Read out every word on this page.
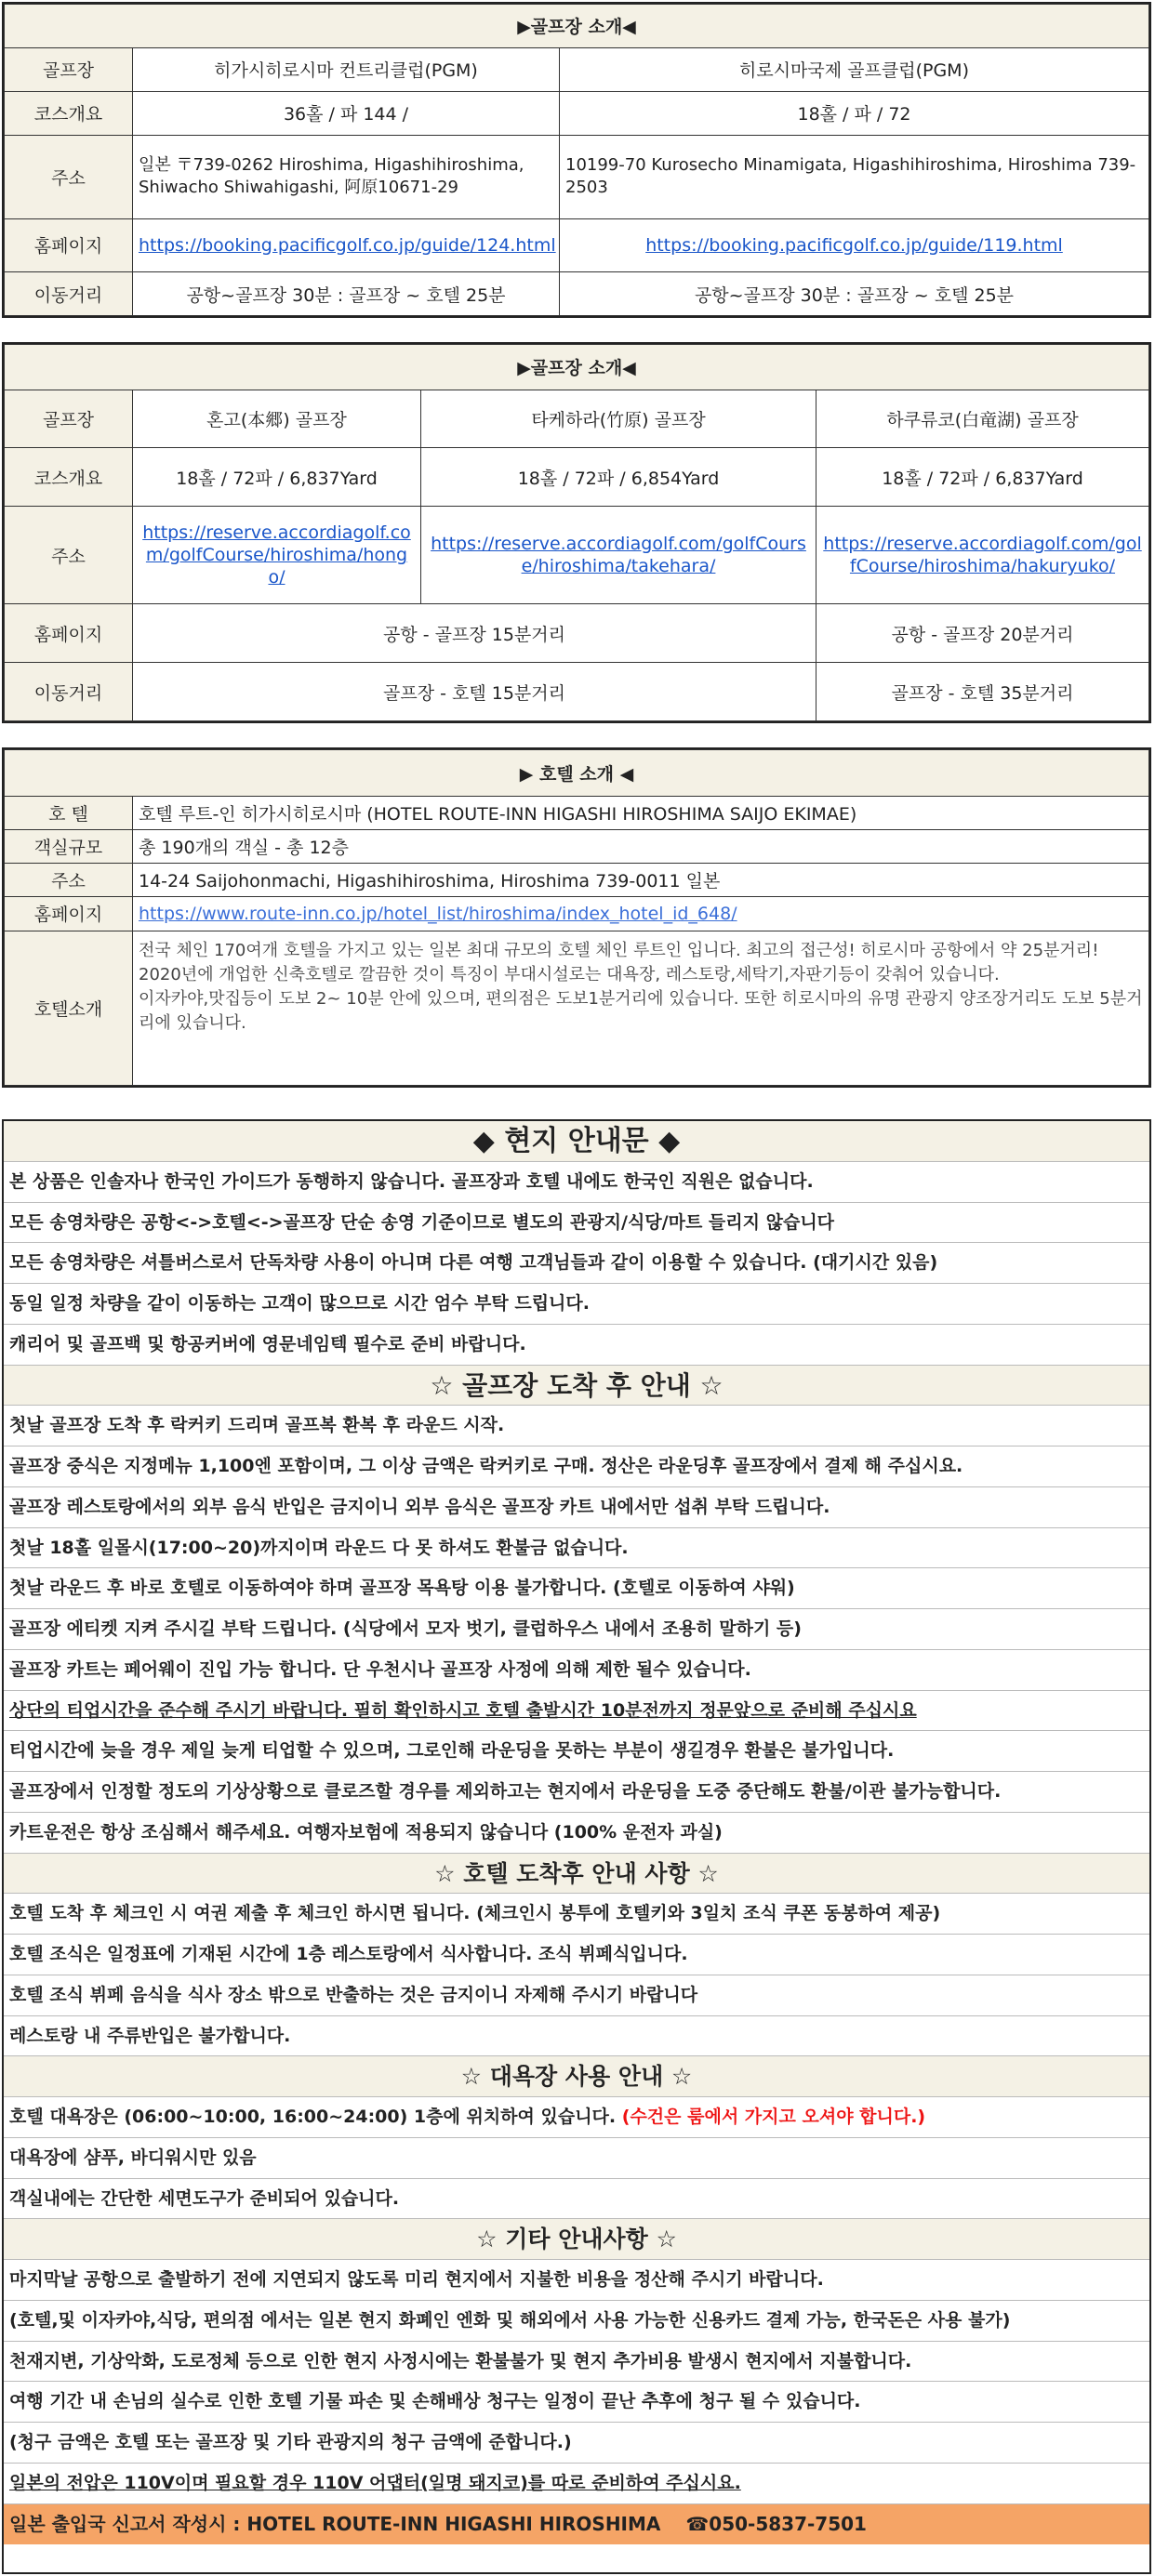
▶골프장 소개◀		
골프장	히가시히로시마 컨트리클럽(PGM)	히로시마국제 골프클럽(PGM)
코스개요	36홀 / 파 144 /	18홀 / 파 / 72
주소	일본 〒739-0262 Hiroshima, Higashihiroshima, Shiwacho Shiwahigashi, 阿原10671-29	10199-70 Kurosecho Minamigata, Higashihiroshima, Hiroshima 739-2503
홈페이지	https://booking.pacificgolf.co.jp/guide/124.html	https://booking.pacificgolf.co.jp/guide/119.html
이동거리	공항~골프장 30분 : 골프장 ~ 호텔 25분	공항~골프장 30분 : 골프장 ~ 호텔 25분
▶골프장 소개◀			
골프장	혼고(本郷) 골프장	타케하라(竹原) 골프장	하쿠류코(白竜湖) 골프장
코스개요	18홀 / 72파 / 6,837Yard	18홀 / 72파 / 6,854Yard	18홀 / 72파 / 6,837Yard
주소	https://reserve.accordiagolf.com/golfCourse/hiroshima/hongo/	https://reserve.accordiagolf.com/golfCourse/hiroshima/takehara/	https://reserve.accordiagolf.com/golfCourse/hiroshima/hakuryuko/
홈페이지	공항 - 골프장 15분거리		공항 - 골프장 20분거리
이동거리	골프장 - 호텔 15분거리		골프장 - 호텔 35분거리
▶ 호텔 소개 ◀	
호 텔	호텔 루트-인 히가시히로시마 (HOTEL ROUTE-INN HIGASHI HIROSHIMA SAIJO EKIMAE)
객실규모	총 190개의 객실 - 총 12층
주소	14-24 Saijohonmachi, Higashihiroshima, Hiroshima 739-0011 일본
홈페이지	https://www.route-inn.co.jp/hotel_list/hiroshima/index_hotel_id_648/
호텔소개	전국 체인 170여개 호텔을 가지고 있는 일본 최대 규모의 호텔 체인 루트인 입니다. 최고의 접근성! 히로시마 공항에서 약 25분거리! 2020년에 개업한 신축호텔로 깔끔한 것이 특징이 부대시설로는 대욕장, 레스토랑,세탁기,자판기등이 갖춰어 있습니다.
이자카야,맛집등이 도보 2~ 10분 안에 있으며, 편의점은 도보1분거리에 있습니다. 또한 히로시마의 유명 관광지 양조장거리도 도보 5분거리에 있습니다.
◆ 현지 안내문 ◆
본 상품은 인솔자나 한국인 가이드가 동행하지 않습니다. 골프장과 호텔 내에도 한국인 직원은 없습니다.
모든 송영차량은 공항<->호텔<->골프장 단순 송영 기준이므로 별도의 관광지/식당/마트 들리지 않습니다
모든 송영차량은 셔틀버스로서 단독차량 사용이 아니며 다른 여행 고객님들과 같이 이용할 수 있습니다. (대기시간 있음)
동일 일정 차량을 같이 이동하는 고객이 많으므로 시간 엄수 부탁 드립니다.
캐리어 및 골프백 및 항공커버에 영문네임텍 필수로 준비 바랍니다.
☆ 골프장 도착 후 안내 ☆
첫날 골프장 도착 후 락커키 드리며 골프복 환복 후 라운드 시작.
골프장 중식은 지정메뉴 1,100엔 포함이며, 그 이상 금액은 락커키로 구매. 정산은 라운딩후 골프장에서 결제 해 주십시요.
골프장 레스토랑에서의 외부 음식 반입은 금지이니 외부 음식은 골프장 카트 내에서만 섭취 부탁 드립니다.
첫날 18홀 일몰시(17:00~20)까지이며 라운드 다 못 하셔도 환불금 없습니다.
첫날 라운드 후 바로 호텔로 이동하여야 하며 골프장 목욕탕 이용 불가합니다. (호텔로 이동하여 샤워)
골프장 에티켓 지켜 주시길 부탁 드립니다. (식당에서 모자 벗기, 클럽하우스 내에서 조용히 말하기 등)
골프장 카트는 페어웨이 진입 가능 합니다. 단 우천시나 골프장 사정에 의해 제한 될수 있습니다.
상단의 티업시간을 준수해 주시기 바랍니다. 필히 확인하시고 호텔 출발시간 10분전까지 정문앞으로 준비해 주십시요
티업시간에 늦을 경우 제일 늦게 티업할 수 있으며, 그로인해 라운딩을 못하는 부분이 생길경우 환불은 불가입니다.
골프장에서 인정할 정도의 기상상황으로 클로즈할 경우를 제외하고는 현지에서 라운딩을 도중 중단해도 환불/이관 불가능합니다.
카트운전은 항상 조심해서 해주세요. 여행자보험에 적용되지 않습니다 (100% 운전자 과실)
☆ 호텔 도착후 안내 사항 ☆
호텔 도착 후 체크인 시 여권 제출 후 체크인 하시면 됩니다. (체크인시 봉투에 호텔키와 3일치 조식 쿠폰 동봉하여 제공)
호텔 조식은 일정표에 기재된 시간에 1층 레스토랑에서 식사합니다. 조식 뷔페식입니다.
호텔 조식 뷔페 음식을 식사 장소 밖으로 반출하는 것은 금지이니 자제해 주시기 바랍니다
레스토랑 내 주류반입은 불가합니다.
☆ 대욕장 사용 안내 ☆
호텔 대욕장은 (06:00~10:00, 16:00~24:00) 1층에 위치하여 있습니다. (수건은 룸에서 가지고 오셔야 합니다.)
대욕장에 샴푸, 바디워시만 있음
객실내에는 간단한 세면도구가 준비되어 있습니다.
☆ 기타 안내사항 ☆
마지막날 공항으로 출발하기 전에 지연되지 않도록 미리 현지에서 지불한 비용을 정산해 주시기 바랍니다.
(호텔,및 이자카야,식당, 편의점 에서는 일본 현지 화폐인 엔화 및 해외에서 사용 가능한 신용카드 결제 가능, 한국돈은 사용 불가)
천재지변, 기상악화, 도로정체 등으로 인한 현지 사정시에는 환불불가 및 현지 추가비용 발생시 현지에서 지불합니다.
여행 기간 내 손님의 실수로 인한 호텔 기물 파손 및 손해배상 청구는 일정이 끝난 추후에 청구 될 수 있습니다.
(청구 금액은 호텔 또는 골프장 및 기타 관광지의 청구 금액에 준합니다.)
일본의 전압은 110V이며 필요할 경우 110V 어댑터(일명 돼지코)를 따로 준비하여 주십시요.
일본 출입국 신고서 작성시 : HOTEL ROUTE-INN HIGASHI HIROSHIMA ☎050-5837-7501
